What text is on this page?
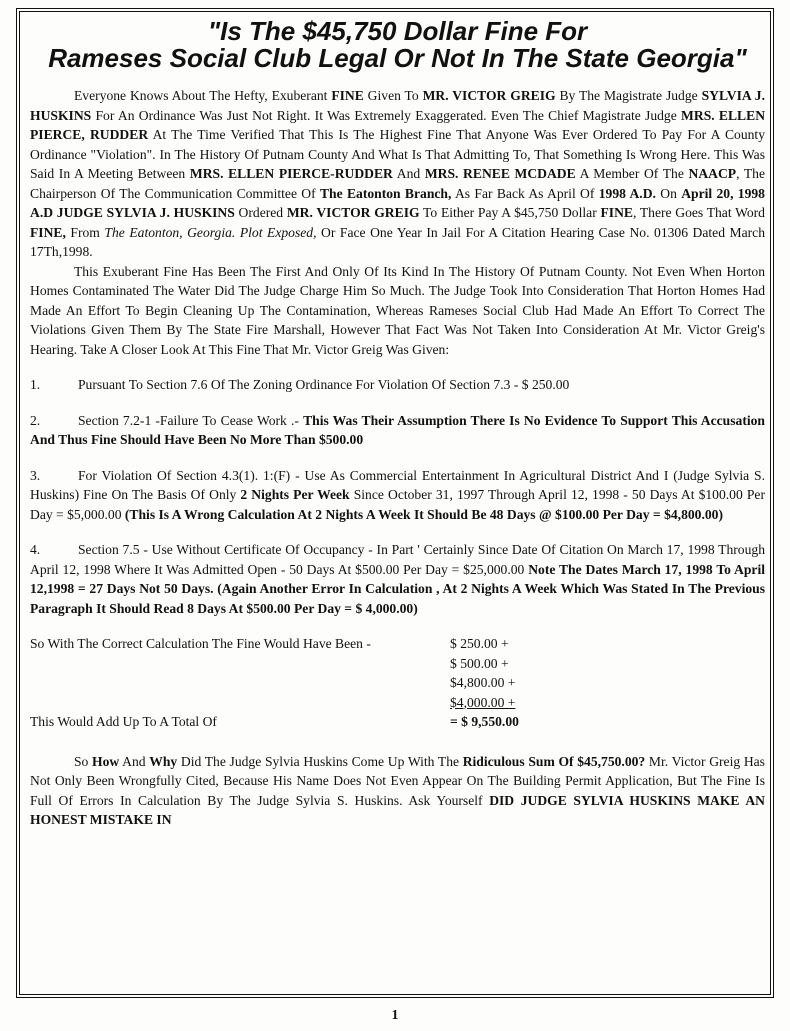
"Is The $45,750 Dollar Fine For
Rameses Social Club Legal Or Not In The State Georgia"

Everyone Knows About The Hefty, Exuberant FINE Given To MR. VICTOR GREIG By The Magistrate Judge SYLVIA J. HUSKINS For An Ordinance Was Just Not Right. It Was Extremely Exaggerated. Even The Chief Magistrate Judge MRS. ELLEN PIERCE, RUDDER At The Time Verified That This Is The Highest Fine That Anyone Was Ever Ordered To Pay For A County Ordinance "Violation". In The History Of Putnam County And What Is That Admitting To, That Something Is Wrong Here. This Was Said In A Meeting Between MRS. ELLEN PIERCE-RUDDER And MRS. RENEE MCDADE A Member Of The NAACP, The Chairperson Of The Communication Committee Of The Eatonton Branch, As Far Back As April Of 1998 A.D. On April 20, 1998 A.D JUDGE SYLVIA J. HUSKINS Ordered MR. VICTOR GREIG To Either Pay A $45,750 Dollar FINE, There Goes That Word FINE, From The Eatonton, Georgia. Plot Exposed, Or Face One Year In Jail For A Citation Hearing Case No. 01306 Dated March 17Th,1998.

This Exuberant Fine Has Been The First And Only Of Its Kind In The History Of Putnam County. Not Even When Horton Homes Contaminated The Water Did The Judge Charge Him So Much. The Judge Took Into Consideration That Horton Homes Had Made An Effort To Begin Cleaning Up The Contamination, Whereas Rameses Social Club Had Made An Effort To Correct The Violations Given Them By The State Fire Marshall, However That Fact Was Not Taken Into Consideration At Mr. Victor Greig's Hearing. Take A Closer Look At This Fine That Mr. Victor Greig Was Given:

1.	Pursuant To Section 7.6 Of The Zoning Ordinance For Violation Of Section 7.3 - $ 250.00

2.	Section 7.2-1 -Failure To Cease Work .- This Was Their Assumption There Is No Evidence To Support This Accusation And Thus Fine Should Have Been No More Than $500.00

3.	For Violation Of Section 4.3(1). 1:(F) - Use As Commercial Entertainment In Agricultural District And I (Judge Sylvia S. Huskins) Fine On The Basis Of Only 2 Nights Per Week Since October 31, 1997 Through April 12, 1998 - 50 Days At $100.00 Per Day = $5,000.00 (This Is A Wrong Calculation At 2 Nights A Week It Should Be 48 Days @ $100.00 Per Day = $4,800.00)

4.	Section 7.5 - Use Without Certificate Of Occupancy - In Part ' Certainly Since Date Of Citation On March 17, 1998 Through April 12, 1998 Where It Was Admitted Open - 50 Days At $500.00 Per Day = $25,000.00 Note The Dates March 17, 1998 To April 12,1998 = 27 Days Not 50 Days. (Again Another Error In Calculation , At 2 Nights A Week Which Was Stated In The Previous Paragraph It Should Read 8 Days At $500.00 Per Day = $ 4,000.00)

So With The Correct Calculation The Fine Would Have Been -	$ 250.00 +
$ 500.00 +
$4,800.00 +
$4,000.00 +
This Would Add Up To A Total Of	= $ 9,550.00

So How And Why Did The Judge Sylvia Huskins Come Up With The Ridiculous Sum Of $45,750.00? Mr. Victor Greig Has Not Only Been Wrongfully Cited, Because His Name Does Not Even Appear On The Building Permit Application, But The Fine Is Full Of Errors In Calculation By The Judge Sylvia S. Huskins. Ask Yourself DID JUDGE SYLVIA HUSKINS MAKE AN HONEST MISTAKE IN

1
